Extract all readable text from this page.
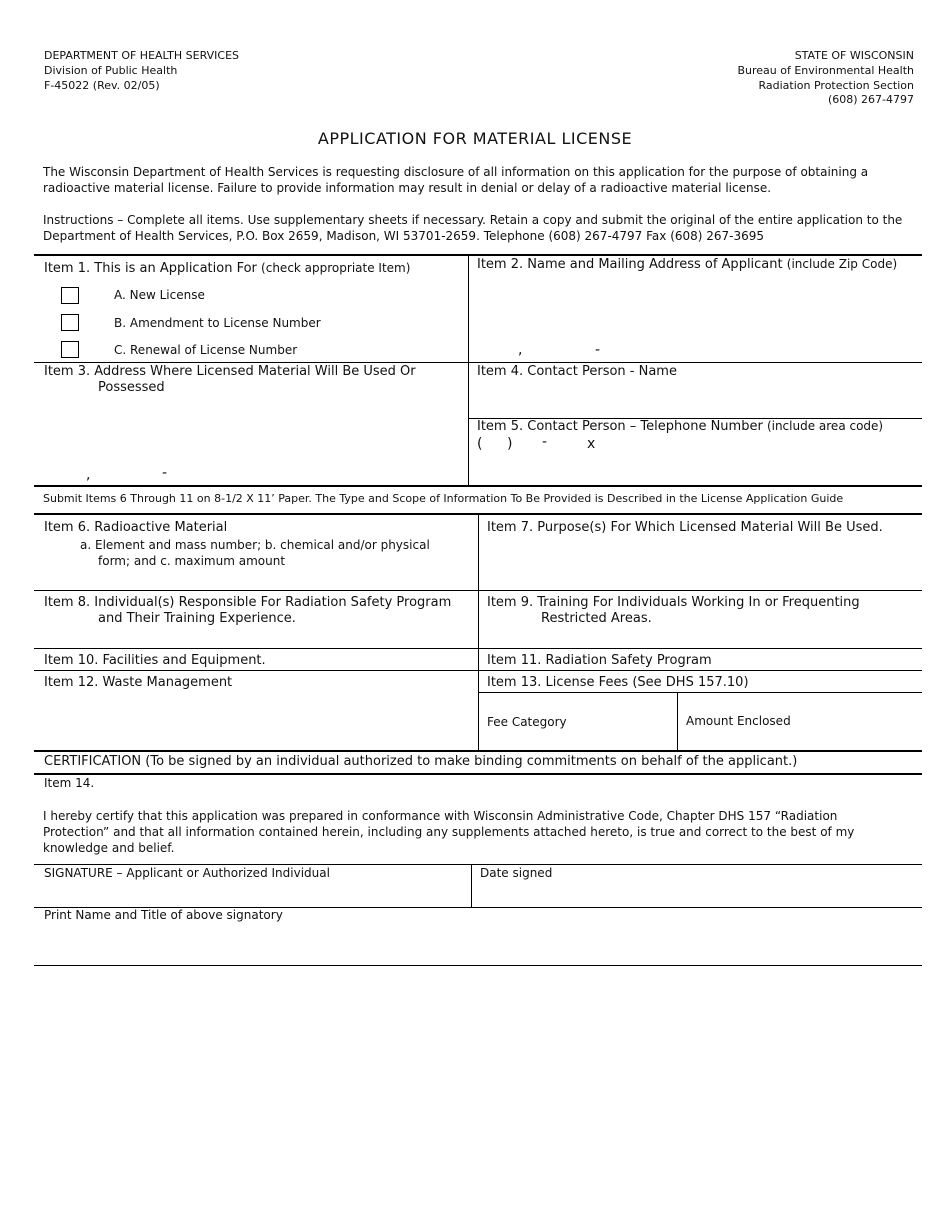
DEPARTMENT OF HEALTH SERVICES
Division of Public Health
F-45022 (Rev. 02/05)
STATE OF WISCONSIN
Bureau of Environmental Health
Radiation Protection Section
(608) 267-4797
APPLICATION FOR MATERIAL LICENSE
The Wisconsin Department of Health Services is requesting disclosure of all information on this application for the purpose of obtaining a radioactive material license. Failure to provide information may result in denial or delay of a radioactive material license.
Instructions – Complete all items. Use supplementary sheets if necessary. Retain a copy and submit the original of the entire application to the Department of Health Services, P.O. Box 2659, Madison, WI 53701-2659. Telephone (608) 267-4797 Fax (608) 267-3695
Item 1. This is an Application For (check appropriate Item)
A. New License
B. Amendment to License Number
C. Renewal of License Number
Item 2. Name and Mailing Address of Applicant (include Zip Code)
,	-
Item 3. Address Where Licensed Material Will Be Used Or
Possessed
,	-
Item 4. Contact Person - Name
Item 5. Contact Person – Telephone Number (include area code)
( ) -	x
Submit Items 6 Through 11 on 8-1/2 X 11’ Paper. The Type and Scope of Information To Be Provided is Described in the License Application Guide
Item 6. Radioactive Material
a. Element and mass number; b. chemical and/or physical
form; and c. maximum amount
Item 7. Purpose(s) For Which Licensed Material Will Be Used.
Item 8. Individual(s) Responsible For Radiation Safety Program
and Their Training Experience.
Item 9. Training For Individuals Working In or Frequenting
Restricted Areas.
Item 10. Facilities and Equipment.	Item 11. Radiation Safety Program
Item 12. Waste Management	Item 13. License Fees (See DHS 157.10)
Fee Category	Amount Enclosed
CERTIFICATION (To be signed by an individual authorized to make binding commitments on behalf of the applicant.)
Item 14.
I hereby certify that this application was prepared in conformance with Wisconsin Administrative Code, Chapter DHS 157 “Radiation Protection” and that all information contained herein, including any supplements attached hereto, is true and correct to the best of my knowledge and belief.
SIGNATURE – Applicant or Authorized Individual	Date signed
Print Name and Title of above signatory
